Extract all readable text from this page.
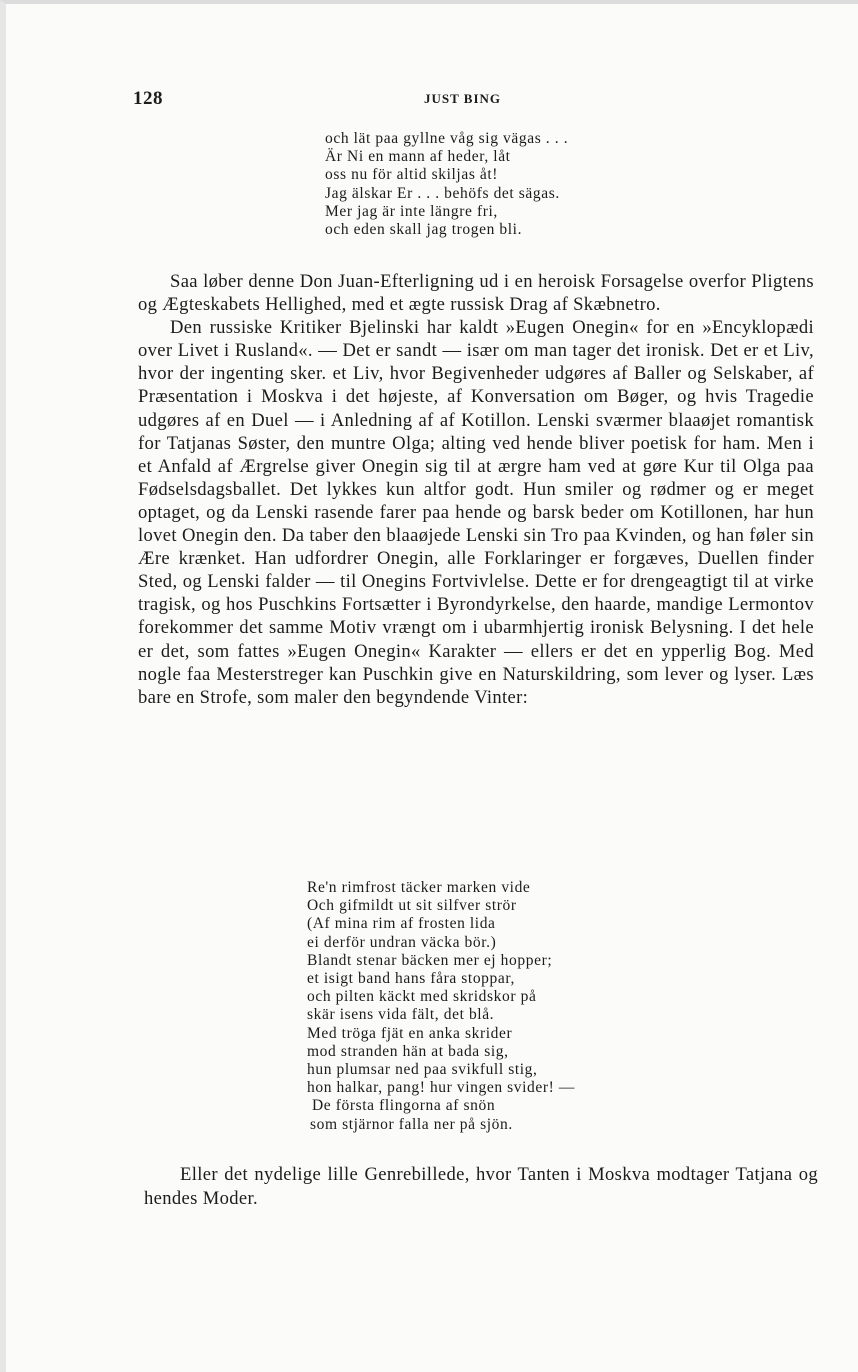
128	JUST BING
och lät paa gyllne våg sig vägas . . .
Är Ni en mann af heder, låt
oss nu för altid skiljas åt!
Jag älskar Er . . . behöfs det sägas.
Mer jag är inte längre fri,
och eden skall jag trogen bli.

Saa løber denne Don Juan-Efterligning ud i en heroisk Forsagelse overfor Pligtens og Ægteskabets Hellighed, med et ægte russisk Drag af Skæbnetro.

Den russiske Kritiker Bjelinski har kaldt »Eugen Onegin« for en »Encyklopædi over Livet i Rusland«. — Det er sandt — især om man tager det ironisk. Det er et Liv, hvor der ingenting sker. et Liv, hvor Begivenheder udgøres af Baller og Selskaber, af Præsentation i Moskva i det højeste, af Konversation om Bøger, og hvis Tragedie udgøres af en Duel — i Anledning af af Kotillon. Lenski sværmer blaaøjet romantisk for Tatjanas Søster, den muntre Olga; alting ved hende bliver poetisk for ham. Men i et Anfald af Ærgrelse giver Onegin sig til at ærgre ham ved at gøre Kur til Olga paa Fødselsdagsballet. Det lykkes kun altfor godt. Hun smiler og rødmer og er meget optaget, og da Lenski rasende farer paa hende og barsk beder om Kotillonen, har hun lovet Onegin den. Da taber den blaaøjede Lenski sin Tro paa Kvinden, og han føler sin Ære krænket. Han udfordrer Onegin, alle Forklaringer er forgæves, Duellen finder Sted, og Lenski falder — til Onegins Fortvivlelse. Dette er for drengeagtigt til at virke tragisk, og hos Puschkins Fortsætter i Byrondyrkelse, den haarde, mandige Lermontov forekommer det samme Motiv vrængt om i ubarmhjertig ironisk Belysning. I det hele er det, som fattes »Eugen Onegin« Karakter — ellers er det en ypperlig Bog. Med nogle faa Mesterstreger kan Puschkin give en Naturskildring, som lever og lyser. Læs bare en Strofe, som maler den begyndende Vinter:

Re'n rimfrost täcker marken vide
Och gifmildt ut sit silfver strör
(Af mina rim af frosten lida
ei derför undran väcka bör.)
Blandt stenar bäcken mer ej hopper;
et isigt band hans fåra stoppar,
och pilten käckt med skridskor på
skär isens vida fält, det blå.
Med tröga fjät en anka skrider
mod stranden hän at bada sig,
hun plumsar ned paa svikfull stig,
hon halkar, pang! hur vingen svider! —
De första flingorna af snön
som stjärnor falla ner på sjön.
Eller det nydelige lille Genrebillede, hvor Tanten i Moskva modtager Tatjana og hendes Moder.
